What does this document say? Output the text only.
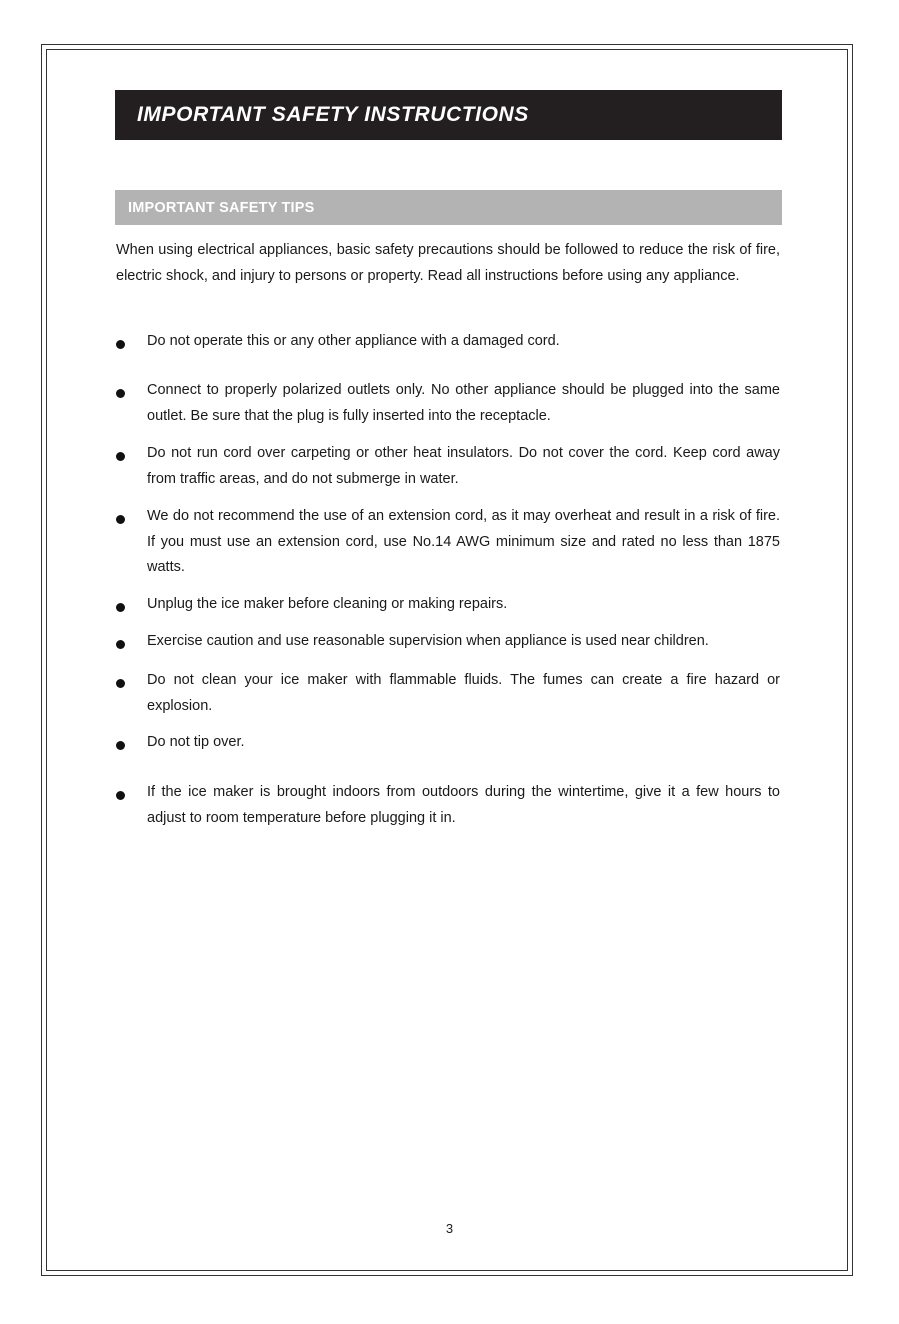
IMPORTANT SAFETY INSTRUCTIONS
IMPORTANT SAFETY TIPS

When using electrical appliances, basic safety precautions should be followed to reduce the risk of fire, electric shock, and injury to persons or property. Read all instructions before using any appliance.

Do not operate this or any other appliance with a damaged cord.
Connect to properly polarized outlets only. No other appliance should be plugged into the same outlet. Be sure that the plug is fully inserted into the receptacle.
Do not run cord over carpeting or other heat insulators. Do not cover the cord. Keep cord away from traffic areas, and do not submerge in water.
We do not recommend the use of an extension cord, as it may overheat and result in a risk of fire. If you must use an extension cord, use No.14 AWG minimum size and rated no less than 1875 watts.
Unplug the ice maker before cleaning or making repairs.
Exercise caution and use reasonable supervision when appliance is used near children.
Do not clean your ice maker with flammable fluids. The fumes can create a fire hazard or explosion.
Do not tip over.
If the ice maker is brought indoors from outdoors during the wintertime, give it a few hours to adjust to room temperature before plugging it in.
3
